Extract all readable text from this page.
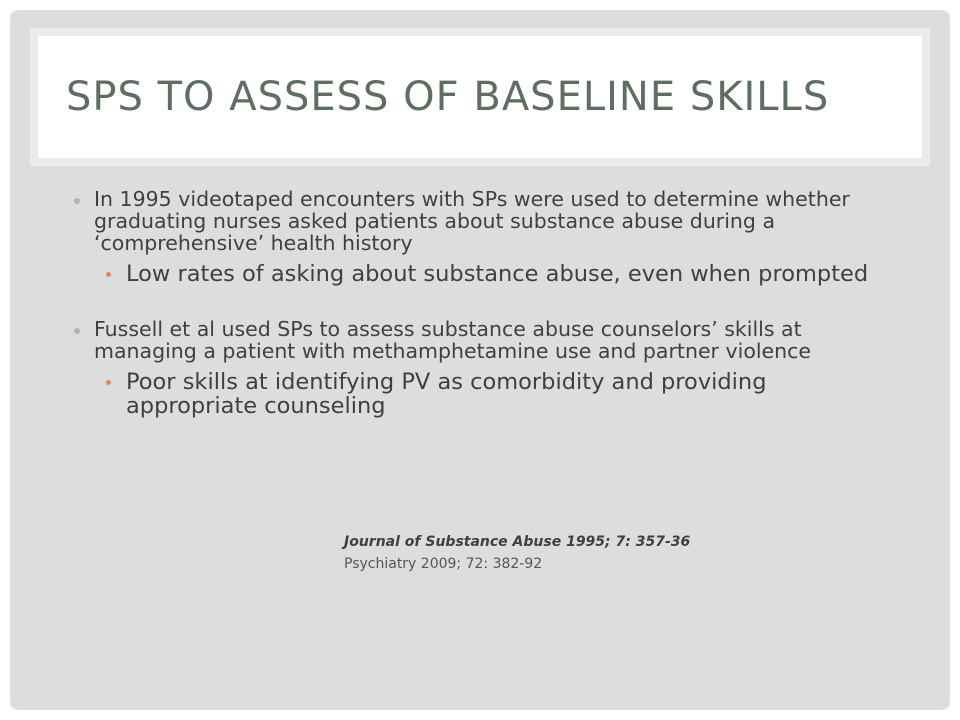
SPS TO ASSESS OF BASELINE SKILLS
In 1995 videotaped encounters with SPs were used to determine whether graduating nurses asked patients about substance abuse during a ‘comprehensive’ health history
Low rates of asking about substance abuse, even when prompted
Fussell et al used SPs to assess substance abuse counselors’ skills at managing a patient with methamphetamine use and partner violence
Poor skills at identifying PV as comorbidity and providing appropriate counseling
Journal of Substance Abuse 1995; 7: 357-36
Psychiatry 2009; 72: 382-92
